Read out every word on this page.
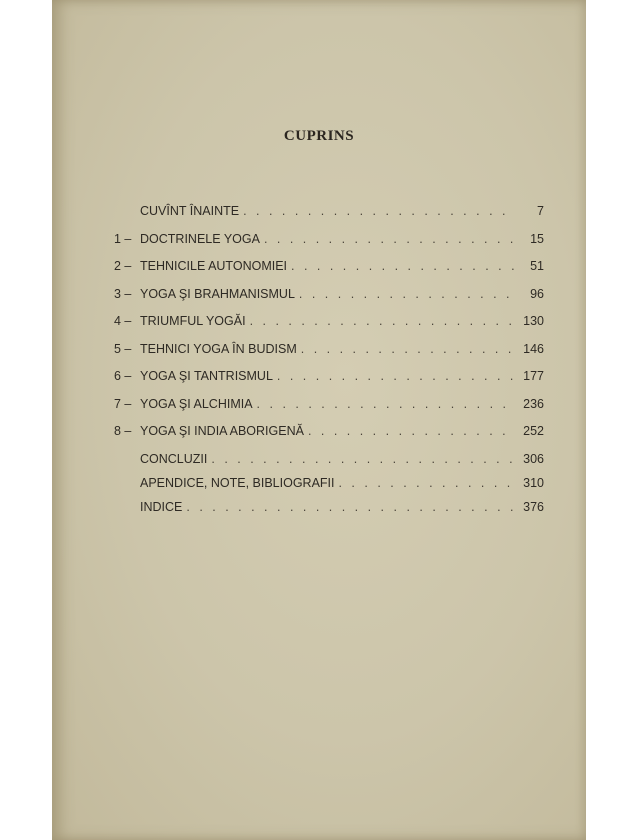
CUPRINS
CUVÎNT ÎNAINTE . . .	7
1 – DOCTRINELE YOGA . . .	15
2 – TEHNICILE AUTONOMIEI . . .	51
3 – YOGA ŞI BRAHMANISMUL . . .	96
4 – TRIUMFUL YOGĂI . . .	130
5 – TEHNICI YOGA ÎN BUDISM . . .	146
6 – YOGA ŞI TANTRISMUL . . .	177
7 – YOGA ŞI ALCHIMIA . . .	236
8 – YOGA ŞI INDIA ABORIGENĂ . . .	252
CONCLUZII . . .	306
APENDICE, NOTE, BIBLIOGRAFII . . .	310
INDICE . . .	376
